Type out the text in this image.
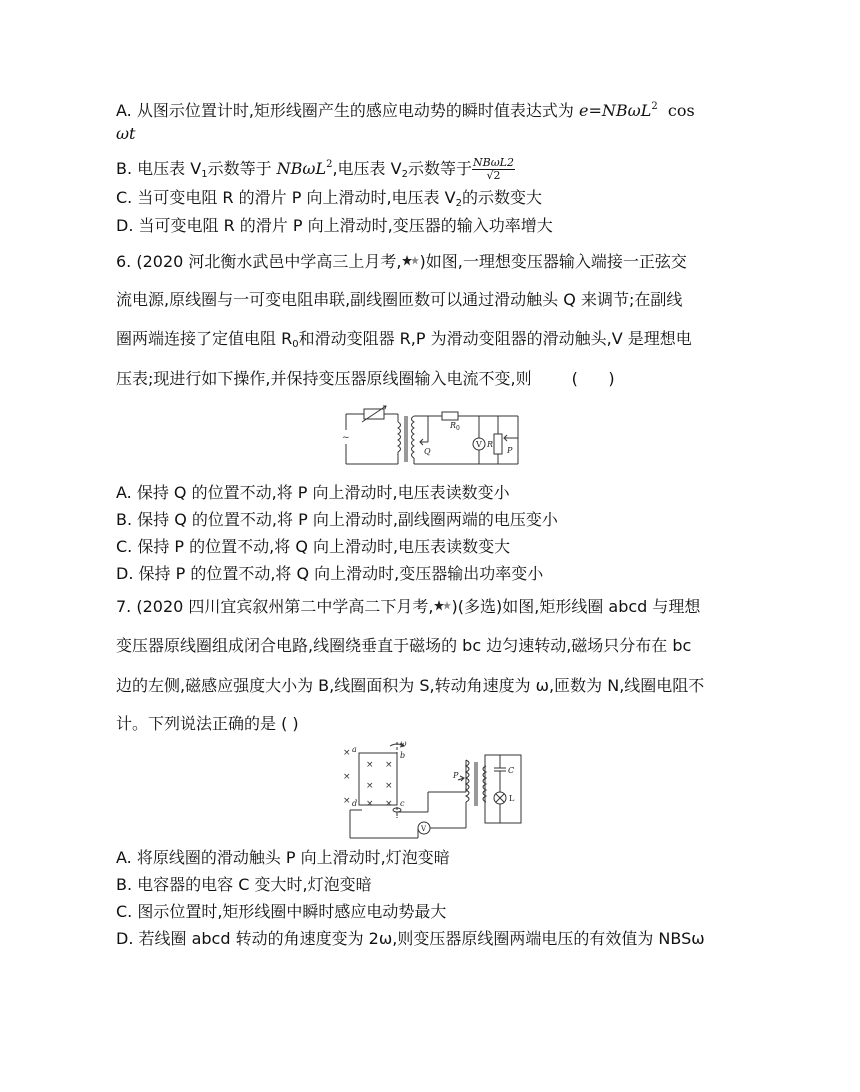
A. 从图示位置计时,矩形线圈产生的感应电动势的瞬时值表达式为 e=NBωL$^2$  cos
ωt
B. 电压表 $V_1$示数等于 NBωL$^2$,电压表 $V_2$示数等于 $\frac{\text{NBωL2}}{√2}$
C. 当可变电阻 R 的滑片 P 向上滑动时,电压表 $V_2$的示数变大
D. 当可变电阻 R 的滑片 P 向上滑动时,变压器的输入功率增大
6. (2020 河北衡水武邑中学高三上月考, )如图,一理想变压器输入端接一正弦交
流电源,原线圈与一可变电阻串联,副线圈匝数可以通过滑动触头 Q 来调节;在副线
圈两端连接了定值电阻 $R_0$和滑动变阻器 R,P 为滑动变阻器的滑动触头,V 是理想电
压表;现进行如下操作,并保持变压器原线圈输入电流不变,则	(      )
~
R 0
V R
P
Q
A. 保持 Q 的位置不动,将 P 向上滑动时,电压表读数变小
B. 保持 Q 的位置不动,将 P 向上滑动时,副线圈两端的电压变小
C. 保持 P 的位置不动,将 Q 向上滑动时,电压表读数变大
D. 保持 P 的位置不动,将 Q 向上滑动时,变压器输出功率变小
7. (2020 四川宜宾叙州第二中学高二下月考, )(多选)如图,矩形线圈 abcd 与理想
变压器原线圈组成闭合电路,线圈绕垂直于磁场的 bc 边匀速转动,磁场只分布在 bc
边的左侧,磁感应强度大小为 B,线圈面积为 S,转动角速度为 ω,匝数为 N,线圈电阻不
计。下列说法正确的是 ( )
×
×
×
× ×
× ×
× ×
a
b
c
d
ω
P
C
V
L
A. 将原线圈的滑动触头 P 向上滑动时,灯泡变暗
B. 电容器的电容 C 变大时,灯泡变暗
C. 图示位置时,矩形线圈中瞬时感应电动势最大
D. 若线圈 abcd 转动的角速度变为 2ω,则变压器原线圈两端电压的有效值为 NBSω
